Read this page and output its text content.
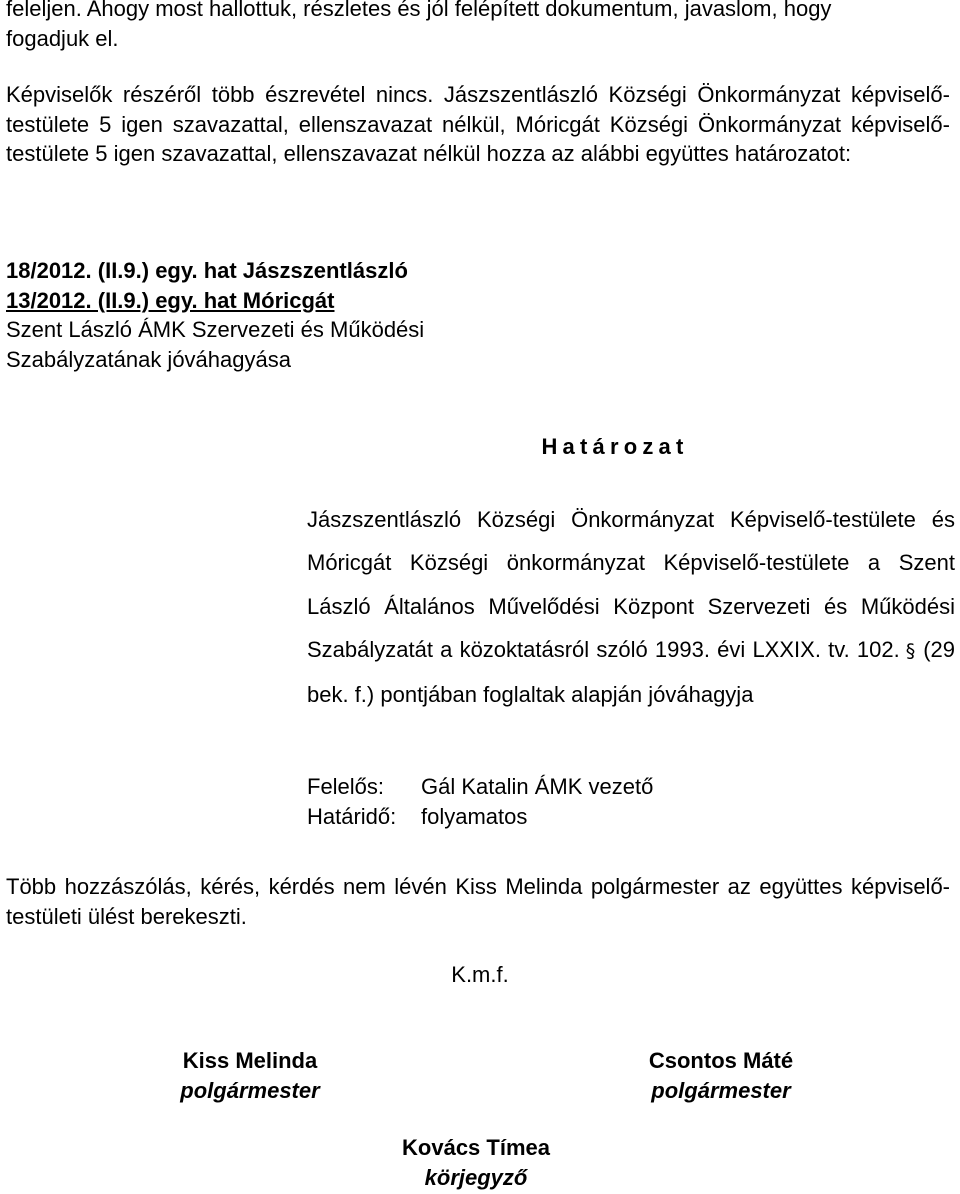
feleljen. Ahogy most hallottuk, részletes és jól felépített dokumentum, javaslom, hogy

fogadjuk el.

Képviselők részéről több észrevétel nincs. Jászszentlászló Községi Önkormányzat képviselő-testülete 5 igen szavazattal, ellenszavazat nélkül, Móricgát Községi Önkormányzat képviselő-testülete 5 igen szavazattal, ellenszavazat nélkül hozza az alábbi együttes határozatot:

18/2012. (II.9.) egy. hat Jászszentlászló

13/2012. (II.9.) egy. hat Móricgát

Szent László ÁMK Szervezeti és Működési

Szabályzatának jóváhagyása

Határozat

Jászszentlászló Községi Önkormányzat Képviselő-testülete és Móricgát Községi önkormányzat Képviselő-testülete a Szent László Általános Művelődési Központ Szervezeti és Működési Szabályzatát a közoktatásról szóló 1993. évi LXXIX. tv. 102. § (29 bek. f.) pontjában foglaltak alapján jóváhagyja

Felelős: Gál Katalin ÁMK vezető
Határidő: folyamatos

Több hozzászólás, kérés, kérdés nem lévén Kiss Melinda polgármester az együttes képviselő-testületi ülést berekeszti.

K.m.f.

Kiss Melinda

polgármester

Csontos Máté

polgármester

Kovács Tímea

körjegyző
